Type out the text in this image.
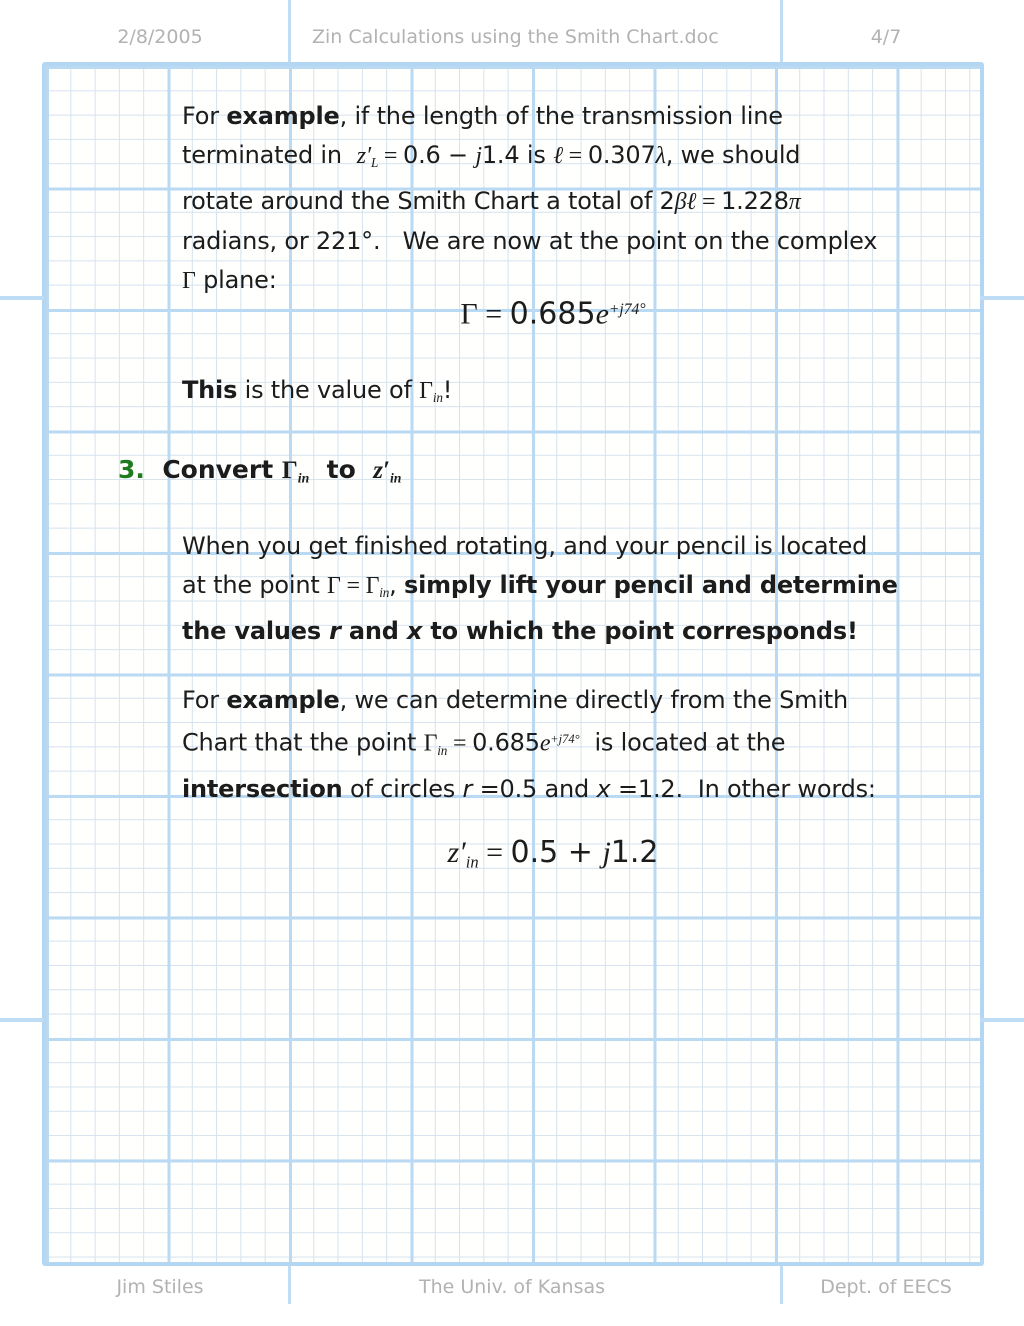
2/8/2005	Zin Calculations using the Smith Chart.doc	4/7
For example, if the length of the transmission line
terminated in  $z'_L = 0.6 - j1.4$ is ℓ = 0.307λ, we should
rotate around the Smith Chart a total of 2βℓ = 1.228π
radians, or 221°.   We are now at the point on the complex
Γ plane:
$\Gamma = 0.685e^{+j74^\circ}$
This is the value of $\Gamma_{in}$!
3.  Convert $\Gamma_{in}$  to  $z'_{in}$
When you get finished rotating, and your pencil is located
at the point $\Gamma = \Gamma_{in}$, simply lift your pencil and determine
the values r and x to which the point corresponds!
For example, we can determine directly from the Smith
Chart that the point $\Gamma_{in} = 0.685e^{+j74^\circ}$  is located at the
intersection of circles r =0.5 and x =1.2.  In other words:
$z'_{in} = 0.5 + j1.2$
Jim Stiles	The Univ. of Kansas	Dept. of EECS
